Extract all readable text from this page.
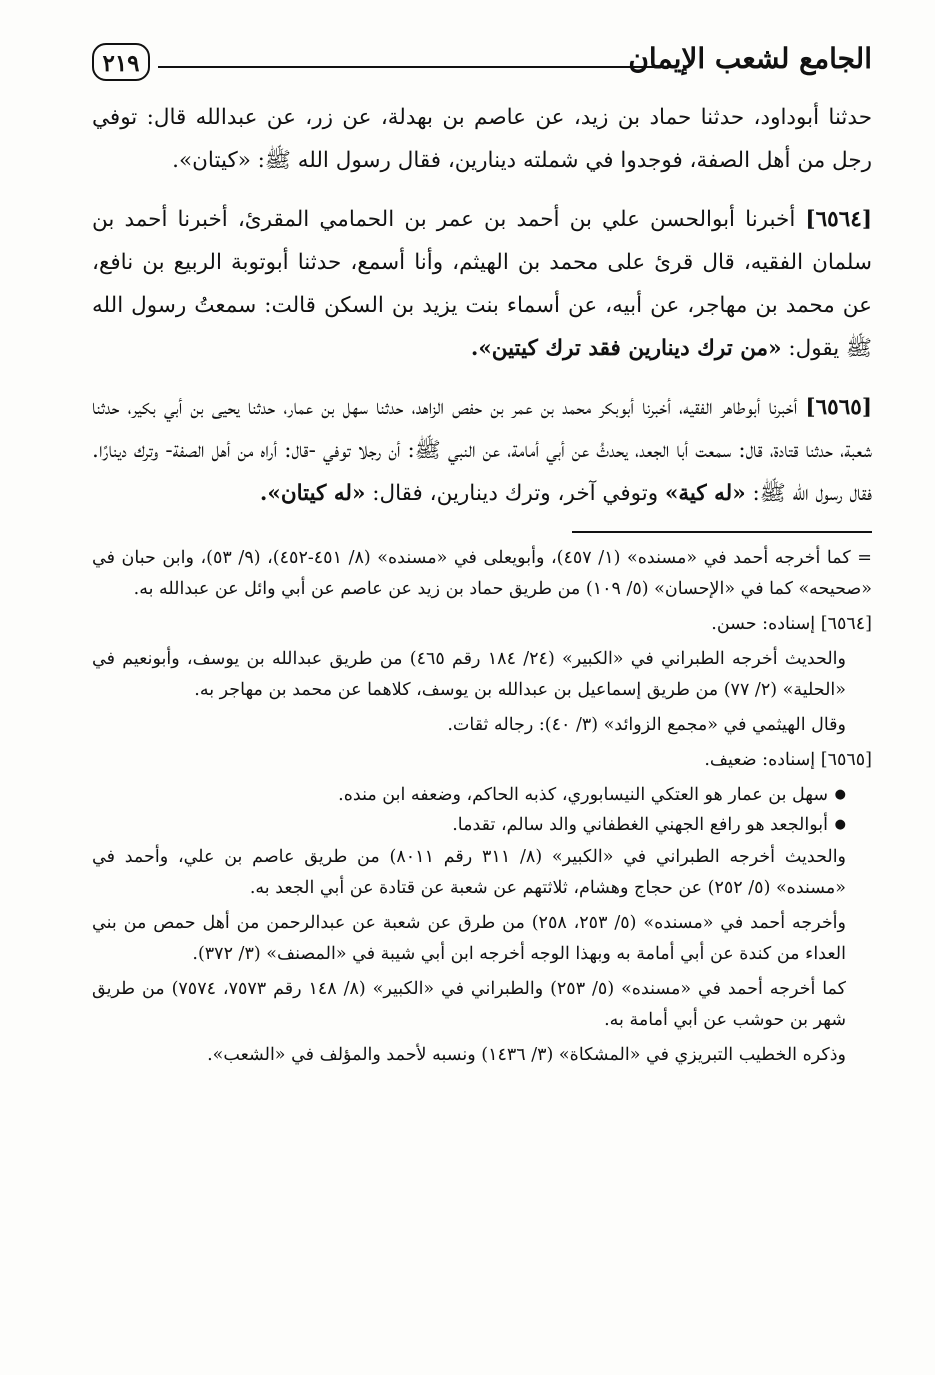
الجامع لشعب الإيمان
٢١٩

حدثنا أبوداود، حدثنا حماد بن زيد، عن عاصم بن بهدلة، عن زر، عن عبدالله قال: توفي رجل من أهل الصفة، فوجدوا في شملته دينارين، فقال رسول الله ﷺ: «كيتان».

[٦٥٦٤] أخبرنا أبوالحسن علي بن أحمد بن عمر بن الحمامي المقرئ، أخبرنا أحمد بن سلمان الفقيه، قال قرئ على محمد بن الهيثم، وأنا أسمع، حدثنا أبوتوبة الربيع بن نافع، عن محمد بن مهاجر، عن أبيه، عن أسماء بنت يزيد بن السكن قالت: سمعتُ رسول الله ﷺ يقول: «من ترك دينارين فقد ترك كيتين».

[٦٥٦٥] أخبرنا أبوطاهر الفقيه، أخبرنا أبوبكر محمد بن عمر بن حفص الزاهد، حدثنا سهل بن عمار، حدثنا يحيى بن أبي بكير، حدثنا شعبة، حدثنا قتادة، قال: سمعت أبا الجعد، يحدثُ عن أبي أمامة، عن النبي ﷺ: أن رجلا توفي -قال: أراه من أهل الصفة- وترك دينارًا. فقال رسول الله ﷺ: «له كية» وتوفي آخر، وترك دينارين، فقال: «له كيتان».

= كما أخرجه أحمد في «مسنده» (١/ ٤٥٧)، وأبويعلى في «مسنده» (٨/ ٤٥١-٤٥٢)، (٩/ ٥٣)، وابن حبان في «صحيحه» كما في «الإحسان» (٥/ ١٠٩) من طريق حماد بن زيد عن عاصم عن أبي وائل عن عبدالله به.

[٦٥٦٤] إسناده: حسن.

والحديث أخرجه الطبراني في «الكبير» (٢٤/ ١٨٤ رقم ٤٦٥) من طريق عبدالله بن يوسف، وأبونعيم في «الحلية» (٢/ ٧٧) من طريق إسماعيل بن عبدالله بن يوسف، كلاهما عن محمد بن مهاجر به.

وقال الهيثمي في «مجمع الزوائد» (٣/ ٤٠): رجاله ثقات.

[٦٥٦٥] إسناده: ضعيف.

● سهل بن عمار هو العتكي النيسابوري، كذبه الحاكم، وضعفه ابن منده.
● أبوالجعد هو رافع الجهني الغطفاني والد سالم، تقدما.

والحديث أخرجه الطبراني في «الكبير» (٨/ ٣١١ رقم ٨٠١١) من طريق عاصم بن علي، وأحمد في «مسنده» (٥/ ٢٥٢) عن حجاج وهشام، ثلاثتهم عن شعبة عن قتادة عن أبي الجعد به.

وأخرجه أحمد في «مسنده» (٥/ ٢٥٣، ٢٥٨) من طرق عن شعبة عن عبدالرحمن من أهل حمص من بني العداء من كندة عن أبي أمامة به وبهذا الوجه أخرجه ابن أبي شيبة في «المصنف» (٣/ ٣٧٢).

كما أخرجه أحمد في «مسنده» (٥/ ٢٥٣) والطبراني في «الكبير» (٨/ ١٤٨ رقم ٧٥٧٣، ٧٥٧٤) من طريق شهر بن حوشب عن أبي أمامة به.

وذكره الخطيب التبريزي في «المشكاة» (٣/ ١٤٣٦) ونسبه لأحمد والمؤلف في «الشعب».
